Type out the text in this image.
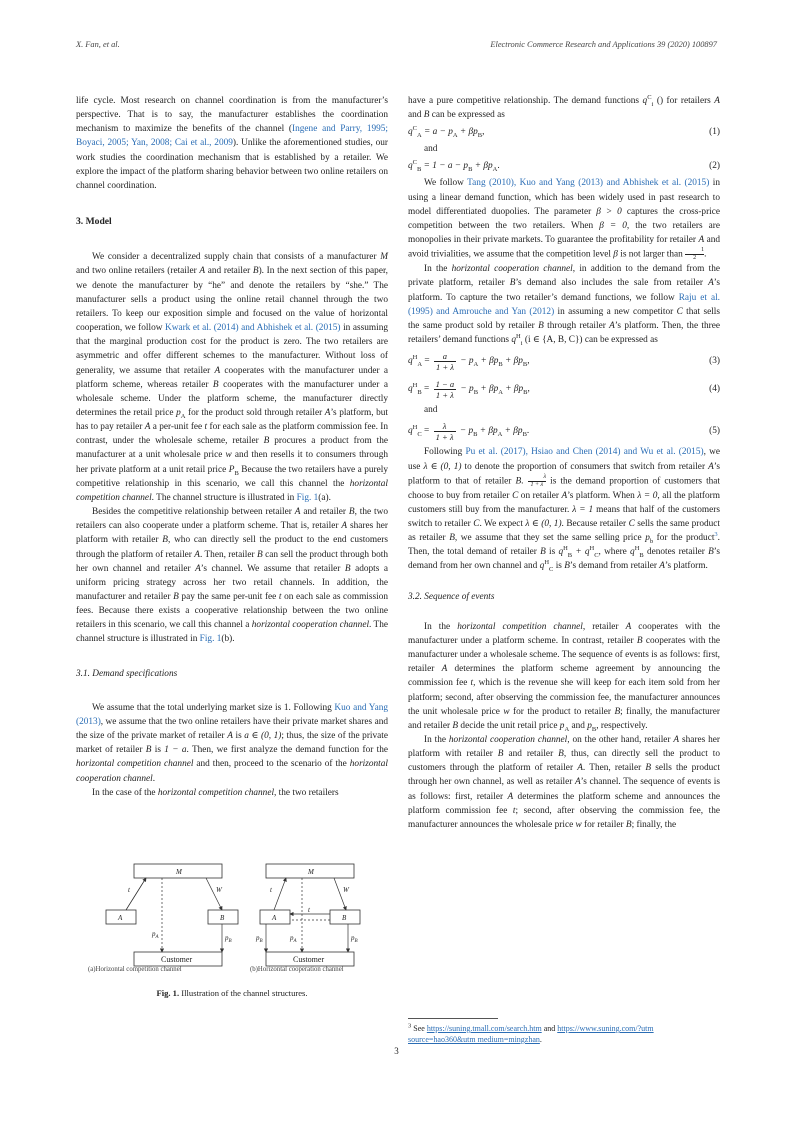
X. Fan, et al.	Electronic Commerce Research and Applications 39 (2020) 100897

life cycle. Most research on channel coordination is from the manufacturer’s perspective. That is to say, the manufacturer establishes the coordination mechanism to maximize the benefits of the channel (Ingene and Parry, 1995; Boyaci, 2005; Yan, 2008; Cai et al., 2009). Unlike the aforementioned studies, our work studies the coordination mechanism that is established by a retailer. We explore the impact of the platform sharing behavior between two online retailers on channel coordination.

3. Model

We consider a decentralized supply chain that consists of a manufacturer M and two online retailers (retailer A and retailer B). In the next section of this paper, we denote the manufacturer by “he” and denote the retailers by “she.” The manufacturer sells a product using the online retail channel through the two retailers. To keep our exposition simple and focused on the value of horizontal cooperation, we follow Kwark et al. (2014) and Abhishek et al. (2015) in assuming that the marginal production cost for the product is zero. The two retailers are asymmetric and offer different schemes to the manufacturer. Without loss of generality, we assume that retailer A cooperates with the manufacturer under a platform scheme, whereas retailer B cooperates with the manufacturer under a wholesale scheme. Under the platform scheme, the manufacturer directly determines the retail price $p_A$ for the product sold through retailer A’s platform, but has to pay retailer A a per-unit fee t for each sale as the platform commission fee. In contrast, under the wholesale scheme, retailer B procures a product from the manufacturer at a unit wholesale price w and then resells it to consumers through her private platform at a unit retail price $P_B$ Because the two retailers have a purely competitive relationship in this scenario, we call this channel the horizontal competition channel. The channel structure is illustrated in Fig. 1(a).

Besides the competitive relationship between retailer A and retailer B, the two retailers can also cooperate under a platform scheme. That is, retailer A shares her platform with retailer B, who can directly sell the product to the end customers through the platform of retailer A. Then, retailer B can sell the product through both her own channel and retailer A’s channel. We assume that retailer B adopts a uniform pricing strategy across her two retail channels. In addition, the manufacturer and retailer B pay the same per-unit fee t on each sale as commission fees. Because there exists a cooperative relationship between the two online retailers in this scenario, we call this channel a horizontal cooperation channel. The channel structure is illustrated in Fig. 1(b).

3.1. Demand specifications

We assume that the total underlying market size is 1. Following Kuo and Yang (2013), we assume that the two online retailers have their private market shares and the size of the private market of retailer A is a ∈ (0, 1); thus, the size of the private market of retailer B is 1 − a. Then, we first analyze the demand function for the horizontal competition channel and then, proceed to the scenario of the horizontal cooperation channel.

In the case of the horizontal competition channel, the two retailers

M
A	B
Customer
t	W
$p_A$	$p_B$
M
A	B
Customer
t	W
t
$p_B$	$p_A$	$p_B$
(a)Horizontal competition channel	(b)Horizontal cooperation channel
Fig. 1. Illustration of the channel structures.

have a pure competitive relationship. The demand functions $q^C_i$ () for retailers A and B can be expressed as

$q^C_A = a - p_A + \beta p_B$,	(1)
and
$q^C_B = 1 - a - p_B + \beta p_A$.	(2)

We follow Tang (2010), Kuo and Yang (2013) and Abhishek et al. (2015) in using a linear demand function, which has been widely used in past research to model differentiated duopolies. The parameter β > 0 captures the cross-price competition between the two retailers. When β = 0, the two retailers are monopolies in their private markets. To guarantee the profitability for retailer A and avoid trivialities, we assume that the competition level β is not larger than $\frac{1}{2}$.

In the horizontal cooperation channel, in addition to the demand from the private platform, retailer B’s demand also includes the sale from retailer A’s platform. To capture the two retailer’s demand functions, we follow Raju et al. (1995) and Amrouche and Yan (2012) in assuming a new competitor C that sells the same product sold by retailer B through retailer A’s platform. Then, the three retailers’ demand functions $q^H_i$ (i ∈ {A, B, C}) can be expressed as

$q^H_A = \frac{a}{1 + \lambda} - p_A + \beta p_B + \beta p_B$,	(3)
$q^H_B = \frac{1 - a}{1 + \lambda} - p_B + \beta p_A + \beta p_B$,	(4)
and
$q^H_C = \frac{\lambda}{1 + \lambda} - p_B + \beta p_A + \beta p_B$.	(5)

Following Pu et al. (2017), Hsiao and Chen (2014) and Wu et al. (2015), we use λ ∈ (0, 1) to denote the proportion of consumers that switch from retailer A’s platform to that of retailer B. $\frac{\lambda}{1 + \lambda}$ is the demand proportion of customers that choose to buy from retailer C on retailer A’s platform. When λ = 0, all the platform customers still buy from the manufacturer. λ = 1 means that half of the customers switch to retailer C. We expect λ ∈ (0, 1). Because retailer C sells the same product as retailer B, we assume that they set the same selling price $p_b$ for the product$^3$. Then, the total demand of retailer B is $q^H_B + q^H_C$, where $q^H_B$ denotes retailer B’s demand from her own channel and $q^H_C$ is B’s demand from retailer A’s platform.

3.2. Sequence of events

In the horizontal competition channel, retailer A cooperates with the manufacturer under a platform scheme. In contrast, retailer B cooperates with the manufacturer under a wholesale scheme. The sequence of events is as follows: first, retailer A determines the platform scheme agreement by announcing the commission fee t, which is the revenue she will keep for each item sold from her platform; second, after observing the commission fee, the manufacturer announces the unit wholesale price w for the product to retailer B; finally, the manufacturer and retailer B decide the unit retail price $p_A$ and $p_B$, respectively.

In the horizontal cooperation channel, on the other hand, retailer A shares her platform with retailer B and retailer B, thus, can directly sell the product to customers through the platform of retailer A. Then, retailer B sells the product through her own channel, as well as retailer A’s channel. The sequence of events is as follows: first, retailer A determines the platform scheme and announces the platform commission fee t; second, after observing the commission fee, the manufacturer announces the wholesale price w for retailer B; finally, the

$^3$ See https://suning.tmall.com/search.htm and https://www.suning.com/?utm source=hao360&utm medium=mingzhan.
3
